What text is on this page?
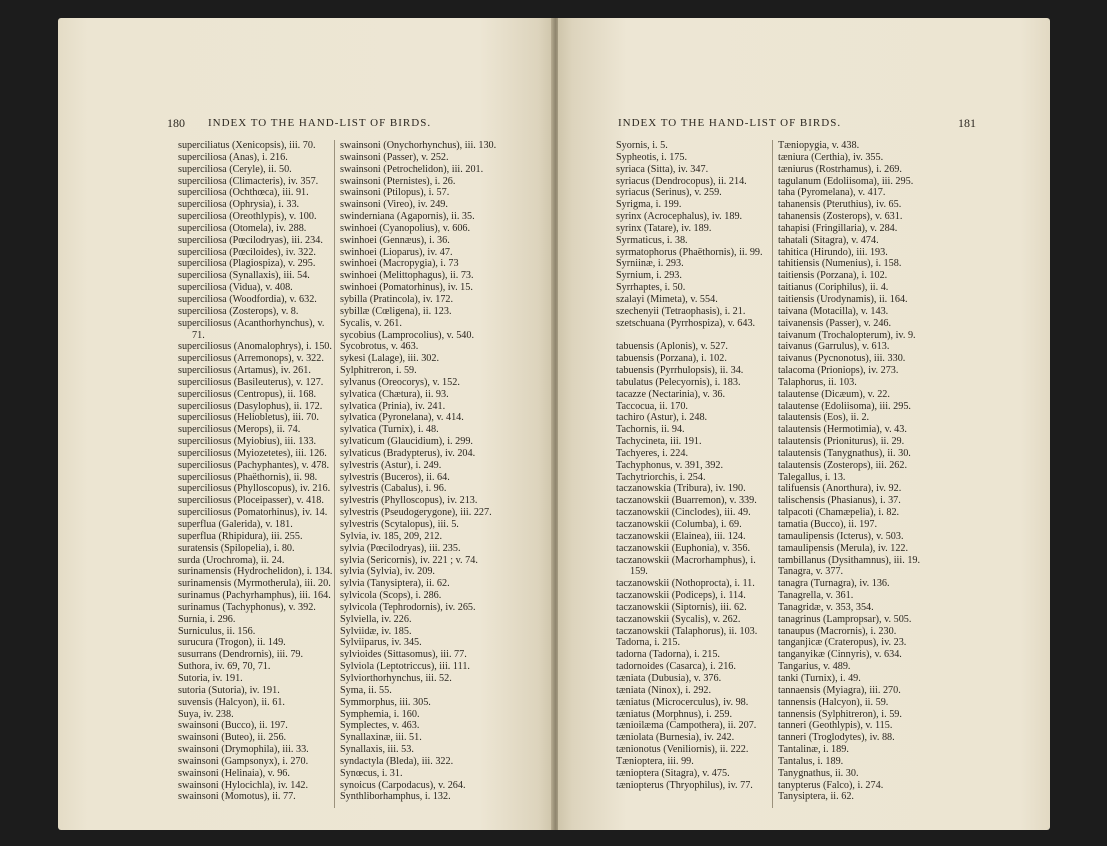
180 INDEX TO THE HAND-LIST OF BIRDS.
superciliatus (Xenicopsis), iii. 70.
superciliosa (Anas), i. 216.
superciliosa (Ceryle), ii. 50.
superciliosa (Climacteris), iv. 357.
superciliosa (Ochthœca), iii. 91.
superciliosa (Ophrysia), i. 33.
superciliosa (Oreothlypis), v. 100.
superciliosa (Otomela), iv. 288.
superciliosa (Pœcilodryas), iii. 234.
superciliosa (Pœciloides), iv. 322.
superciliosa (Plagiospiza), v. 295.
superciliosa (Synallaxis), iii. 54.
superciliosa (Vidua), v. 408.
superciliosa (Woodfordia), v. 632.
superciliosa (Zosterops), v. 8.
superciliosus (Acanthorhynchus), v.
71.
superciliosus (Anomalophrys), i. 150.
superciliosus (Arremonops), v. 322.
superciliosus (Artamus), iv. 261.
superciliosus (Basileuterus), v. 127.
superciliosus (Centropus), ii. 168.
superciliosus (Dasylophus), ii. 172.
superciliosus (Heliobletus), iii. 70.
superciliosus (Merops), ii. 74.
superciliosus (Myiobius), iii. 133.
superciliosus (Myiozetetes), iii. 126.
superciliosus (Pachyphantes), v. 478.
superciliosus (Phaëthornis), ii. 98.
superciliosus (Phylloscopus), iv. 216.
superciliosus (Ploceipasser), v. 418.
superciliosus (Pomatorhinus), iv. 14.
superflua (Galerida), v. 181.
superflua (Rhipidura), iii. 255.
suratensis (Spilopelia), i. 80.
surda (Urochroma), ii. 24.
surinamensis (Hydrochelidon), i. 134.
surinamensis (Myrmotherula), iii. 20.
surinamus (Pachyrhamphus), iii. 164.
surinamus (Tachyphonus), v. 392.
Surnia, i. 296.
Surniculus, ii. 156.
surucura (Trogon), ii. 149.
susurrans (Dendrornis), iii. 79.
Suthora, iv. 69, 70, 71.
Sutoria, iv. 191.
sutoria (Sutoria), iv. 191.
suvensis (Halcyon), ii. 61.
Suya, iv. 238.
swainsoni (Bucco), ii. 197.
swainsoni (Buteo), ii. 256.
swainsoni (Drymophila), iii. 33.
swainsoni (Gampsonyx), i. 270.
swainsoni (Helinaia), v. 96.
swainsoni (Hylocichla), iv. 142.
swainsoni (Momotus), ii. 77.
swainsoni (Onychorhynchus), iii. 130.
swainsoni (Passer), v. 252.
swainsoni (Petrochelidon), iii. 201.
swainsoni (Pternistes), i. 26.
swainsoni (Ptilopus), i. 57.
swainsoni (Vireo), iv. 249.
swinderniana (Agapornis), ii. 35.
swinhoei (Cyanopolius), v. 606.
swinhoei (Gennæus), i. 36.
swinhoei (Lioparus), iv. 47.
swinhoei (Macropygia), i. 73
swinhoei (Melittophagus), ii. 73.
swinhoei (Pomatorhinus), iv. 15.
sybilla (Pratincola), iv. 172.
sybillæ (Cœligena), ii. 123.
Sycalis, v. 261.
sycobius (Lamprocolius), v. 540.
Sycobrotus, v. 463.
sykesi (Lalage), iii. 302.
Sylphitreron, i. 59.
sylvanus (Oreocorys), v. 152.
sylvatica (Chætura), ii. 93.
sylvatica (Prinia), iv. 241.
sylvatica (Pyronelana), v. 414.
sylvatica (Turnix), i. 48.
sylvaticum (Glaucidium), i. 299.
sylvaticus (Bradypterus), iv. 204.
sylvestris (Astur), i. 249.
sylvestris (Buceros), ii. 64.
sylvestris (Cabalus), i. 96.
sylvestris (Phylloscopus), iv. 213.
sylvestris (Pseudogerygone), iii. 227.
sylvestris (Scytalopus), iii. 5.
Sylvia, iv. 185, 209, 212.
sylvia (Pœcilodryas), iii. 235.
sylvia (Sericornis), iv. 221 ; v. 74.
sylvia (Sylvia), iv. 209.
sylvia (Tanysiptera), ii. 62.
sylvicola (Scops), i. 286.
sylvicola (Tephrodornis), iv. 265.
Sylviella, iv. 226.
Sylviidæ, iv. 185.
Sylviiparus, iv. 345.
sylvioides (Sittasomus), iii. 77.
Sylviola (Leptotriccus), iii. 111.
Sylviorthorhynchus, iii. 52.
Syma, ii. 55.
Symmorphus, iii. 305.
Symphemia, i. 160.
Symplectes, v. 463.
Synallaxinæ, iii. 51.
Synallaxis, iii. 53.
syndactyla (Bleda), iii. 322.
Synœcus, i. 31.
synoicus (Carpodacus), v. 264.
Synthliborhamphus, i. 132.
INDEX TO THE HAND-LIST OF BIRDS.	181
Syornis, i. 5.
Sypheotis, i. 175.
syriaca (Sitta), iv. 347.
syriacus (Dendrocopus), ii. 214.
syriacus (Serinus), v. 259.
Syrigma, i. 199.
syrinx (Acrocephalus), iv. 189.
syrinx (Tatare), iv. 189.
Syrmaticus, i. 38.
syrmatophorus (Phaëthornis), ii. 99.
Syrniinæ, i. 293.
Syrnium, i. 293.
Syrrhaptes, i. 50.
szalayi (Mimeta), v. 554.
szechenyii (Tetraophasis), i. 21.
szetschuana (Pyrrhospiza), v. 643.
tabuensis (Aplonis), v. 527.
tabuensis (Porzana), i. 102.
tabuensis (Pyrrhulopsis), ii. 34.
tabulatus (Pelecyornis), i. 183.
tacazze (Nectarinia), v. 36.
Taccocua, ii. 170.
tachiro (Astur), i. 248.
Tachornis, ii. 94.
Tachycineta, iii. 191.
Tachyeres, i. 224.
Tachyphonus, v. 391, 392.
Tachytriorchis, i. 254.
taczanowskia (Tribura), iv. 190.
taczanowskii (Buarremon), v. 339.
taczanowskii (Cinclodes), iii. 49.
taczanowskii (Columba), i. 69.
taczanowskii (Elainea), iii. 124.
taczanowskii (Euphonia), v. 356.
taczanowskii (Macrorhamphus), i.
159.
taczanowskii (Nothoprocta), i. 11.
taczanowskii (Podiceps), i. 114.
taczanowskii (Siptornis), iii. 62.
taczanowskii (Sycalis), v. 262.
taczanowskii (Talaphorus), ii. 103.
Tadorna, i. 215.
tadorna (Tadorna), i. 215.
tadornoides (Casarca), i. 216.
tæniata (Dubusia), v. 376.
tæniata (Ninox), i. 292.
tæniatus (Microcerculus), iv. 98.
tæniatus (Morphnus), i. 259.
tænioilæma (Campothera), ii. 207.
tæniolata (Burnesia), iv. 242.
tænionotus (Veniliornis), ii. 222.
Tænioptera, iii. 99.
tænioptera (Sitagra), v. 475.
tæniopterus (Thryophilus), iv. 77.
Tæniopygia, v. 438.
tæniura (Certhia), iv. 355.
tæniurus (Rostrhamus), i. 269.
tagulanum (Edoliisoma), iii. 295.
taha (Pyromelana), v. 417.
tahanensis (Pteruthius), iv. 65.
tahanensis (Zosterops), v. 631.
tahapisi (Fringillaria), v. 284.
tahatali (Sitagra), v. 474.
tahitica (Hirundo), iii. 193.
tahitiensis (Numenius), i. 158.
taitiensis (Porzana), i. 102.
taitianus (Coriphilus), ii. 4.
taitiensis (Urodynamis), ii. 164.
taivana (Motacilla), v. 143.
taivanensis (Passer), v. 246.
taivanum (Trochalopterum), iv. 9.
taivanus (Garrulus), v. 613.
taivanus (Pycnonotus), iii. 330.
talacoma (Prioniops), iv. 273.
Talaphorus, ii. 103.
talautense (Dicæum), v. 22.
talautense (Edoliisoma), iii. 295.
talautensis (Eos), ii. 2.
talautensis (Hermotimia), v. 43.
talautensis (Prioniturus), ii. 29.
talautensis (Tanygnathus), ii. 30.
talautensis (Zosterops), iii. 262.
Talegallus, i. 13.
talifuensis (Anorthura), iv. 92.
talischensis (Phasianus), i. 37.
talpacoti (Chamæpelia), i. 82.
tamatia (Bucco), ii. 197.
tamaulipensis (Icterus), v. 503.
tamaulipensis (Merula), iv. 122.
tambillanus (Dysithamnus), iii. 19.
Tanagra, v. 377.
tanagra (Turnagra), iv. 136.
Tanagrella, v. 361.
Tanagridæ, v. 353, 354.
tanagrinus (Lampropsar), v. 505.
tanaupus (Macrornis), i. 230.
tanganjicæ (Crateropus), iv. 23.
tanganyikæ (Cinnyris), v. 634.
Tangarius, v. 489.
tanki (Turnix), i. 49.
tannaensis (Myiagra), iii. 270.
tannensis (Halcyon), ii. 59.
tannensis (Sylphitreron), i. 59.
tanneri (Geothlypis), v. 115.
tanneri (Troglodytes), iv. 88.
Tantalinæ, i. 189.
Tantalus, i. 189.
Tanygnathus, ii. 30.
tanypterus (Falco), i. 274.
Tanysiptera, ii. 62.
